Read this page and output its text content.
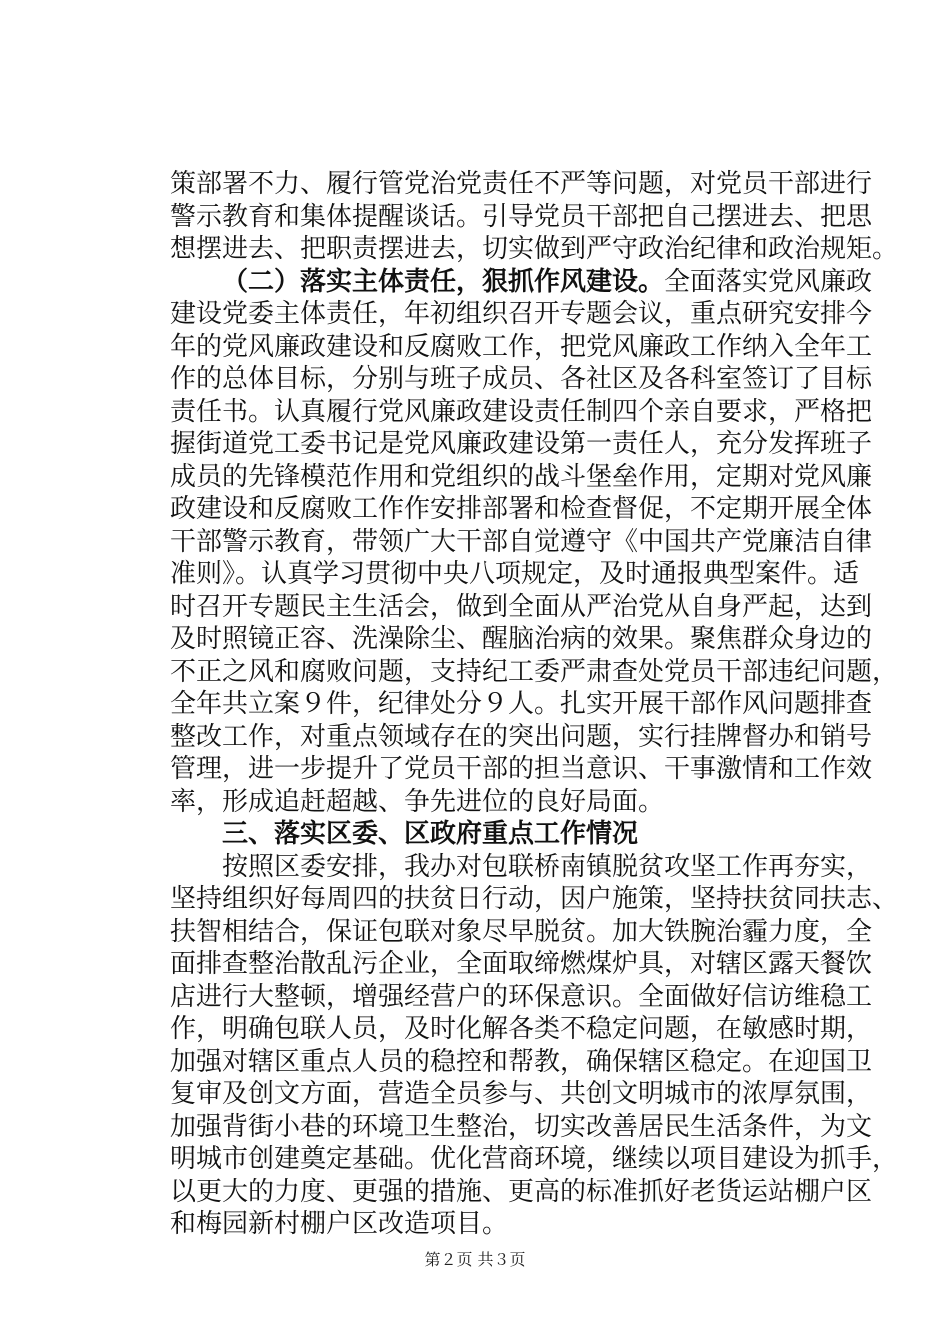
策部署不力、履行管党治党责任不严等问题，对党员干部进行
警示教育和集体提醒谈话。引导党员干部把自己摆进去、把思
想摆进去、把职责摆进去，切实做到严守政治纪律和政治规矩。
（二）落实主体责任，狠抓作风建设。全面落实党风廉政
建设党委主体责任，年初组织召开专题会议，重点研究安排今
年的党风廉政建设和反腐败工作，把党风廉政工作纳入全年工
作的总体目标，分别与班子成员、各社区及各科室签订了目标
责任书。认真履行党风廉政建设责任制四个亲自要求，严格把
握街道党工委书记是党风廉政建设第一责任人，充分发挥班子
成员的先锋模范作用和党组织的战斗堡垒作用，定期对党风廉
政建设和反腐败工作作安排部署和检查督促，不定期开展全体
干部警示教育，带领广大干部自觉遵守《中国共产党廉洁自律
准则》。认真学习贯彻中央八项规定，及时通报典型案件。适
时召开专题民主生活会，做到全面从严治党从自身严起，达到
及时照镜正容、洗澡除尘、醒脑治病的效果。聚焦群众身边的
不正之风和腐败问题，支持纪工委严肃查处党员干部违纪问题，
全年共立案９件，纪律处分９人。扎实开展干部作风问题排查
整改工作，对重点领域存在的突出问题，实行挂牌督办和销号
管理，进一步提升了党员干部的担当意识、干事激情和工作效
率，形成追赶超越、争先进位的良好局面。
三、落实区委、区政府重点工作情况
按照区委安排，我办对包联桥南镇脱贫攻坚工作再夯实，
坚持组织好每周四的扶贫日行动，因户施策，坚持扶贫同扶志、
扶智相结合，保证包联对象尽早脱贫。加大铁腕治霾力度，全
面排查整治散乱污企业，全面取缔燃煤炉具，对辖区露天餐饮
店进行大整顿，增强经营户的环保意识。全面做好信访维稳工
作，明确包联人员，及时化解各类不稳定问题，在敏感时期，
加强对辖区重点人员的稳控和帮教，确保辖区稳定。在迎国卫
复审及创文方面，营造全员参与、共创文明城市的浓厚氛围，
加强背街小巷的环境卫生整治，切实改善居民生活条件，为文
明城市创建奠定基础。优化营商环境，继续以项目建设为抓手，
以更大的力度、更强的措施、更高的标准抓好老货运站棚户区
和梅园新村棚户区改造项目。
第２页 共３页
